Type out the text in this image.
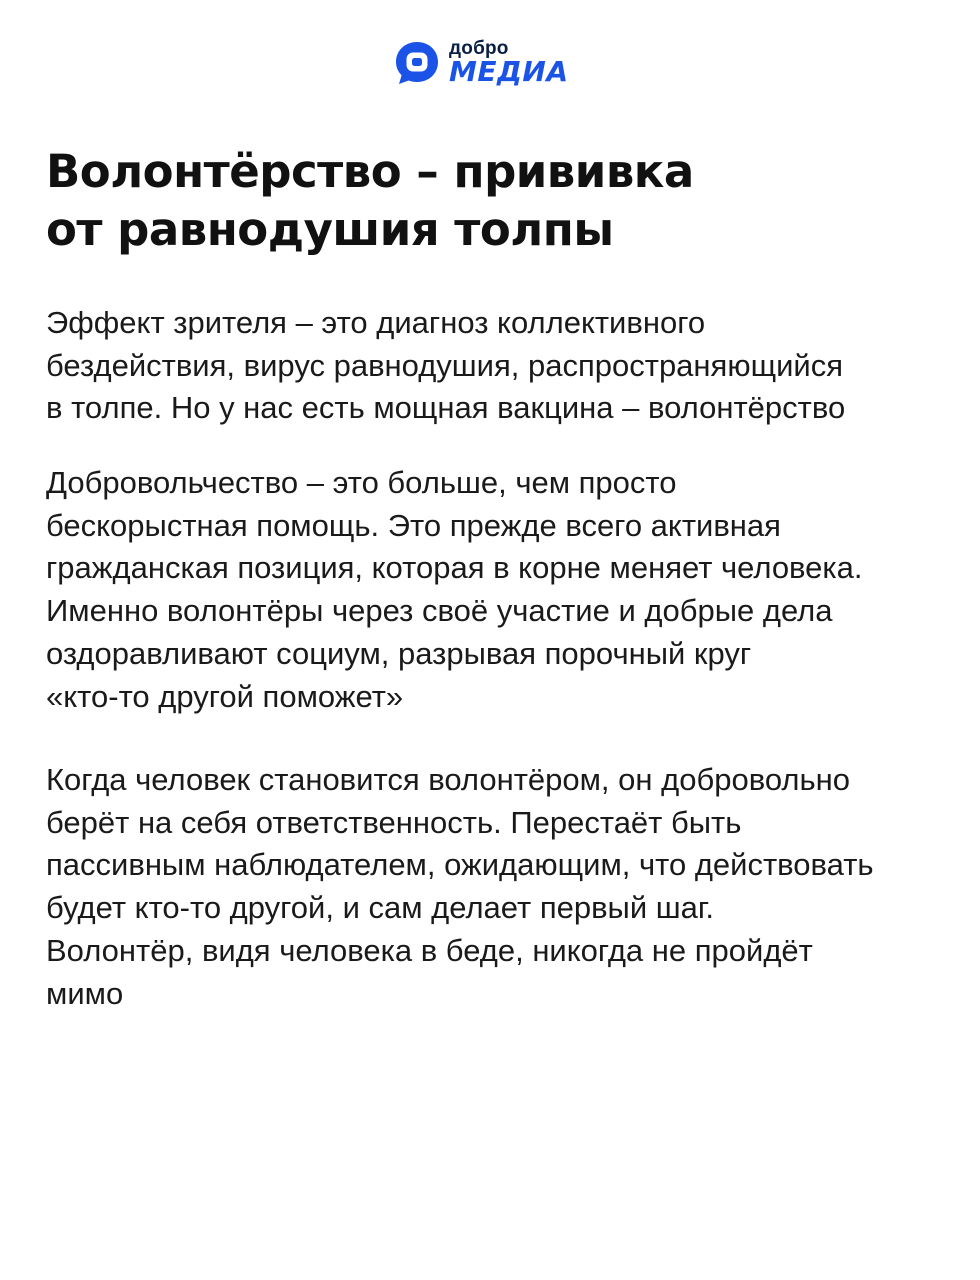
добро
МЕДИА
Волонтёрство – прививка
от равнодушия толпы

Эффект зрителя – это диагноз коллективного
бездействия, вирус равнодушия, распространяющийся
в толпе. Но у нас есть мощная вакцина – волонтёрство

Добровольчество – это больше, чем просто
бескорыстная помощь. Это прежде всего активная
гражданская позиция, которая в корне меняет человека.
Именно волонтёры через своё участие и добрые дела
оздоравливают социум, разрывая порочный круг
«кто-то другой поможет»

Когда человек становится волонтёром, он добровольно
берёт на себя ответственность. Перестаёт быть
пассивным наблюдателем, ожидающим, что действовать
будет кто-то другой, и сам делает первый шаг.
Волонтёр, видя человека в беде, никогда не пройдёт
мимо
